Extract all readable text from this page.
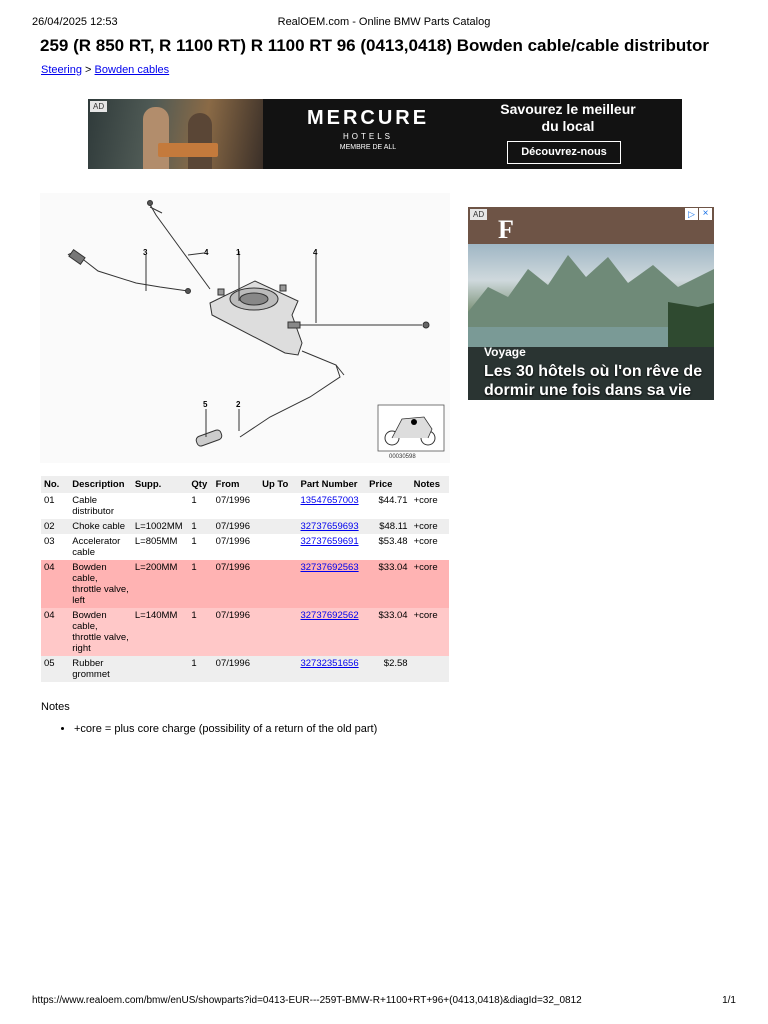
26/04/2025 12:53	RealOEM.com - Online BMW Parts Catalog
259 (R 850 RT, R 1100 RT) R 1100 RT 96 (0413,0418) Bowden cable/cable distributor
Steering > Bowden cables
AD
MERCURE
HOTELS
MEMBRE DE ALL
Savourez le meilleur
du local
Découvrez-nous
3	4	1	4
5	2
00030598
AD
F
▷ ×
Voyage
Les 30 hôtels où l'on rêve de dormir une fois dans sa vie
No.	Description	Supp.	Qty	From	Up To	Part Number	Price	Notes
01	Cable distributor		1	07/1996		13547657003	$44.71	+core
02	Choke cable	L=1002MM	1	07/1996		32737659693	$48.11	+core
03	Accelerator cable	L=805MM	1	07/1996		32737659691	$53.48	+core
04	Bowden cable, throttle valve, left	L=200MM	1	07/1996		32737692563	$33.04	+core
04	Bowden cable, throttle valve, right	L=140MM	1	07/1996		32737692562	$33.04	+core
05	Rubber grommet		1	07/1996		32732351656	$2.58	
Notes
• +core = plus core charge (possibility of a return of the old part)
https://www.realoem.com/bmw/enUS/showparts?id=0413-EUR---259T-BMW-R+1100+RT+96+(0413,0418)&diagId=32_0812	1/1
